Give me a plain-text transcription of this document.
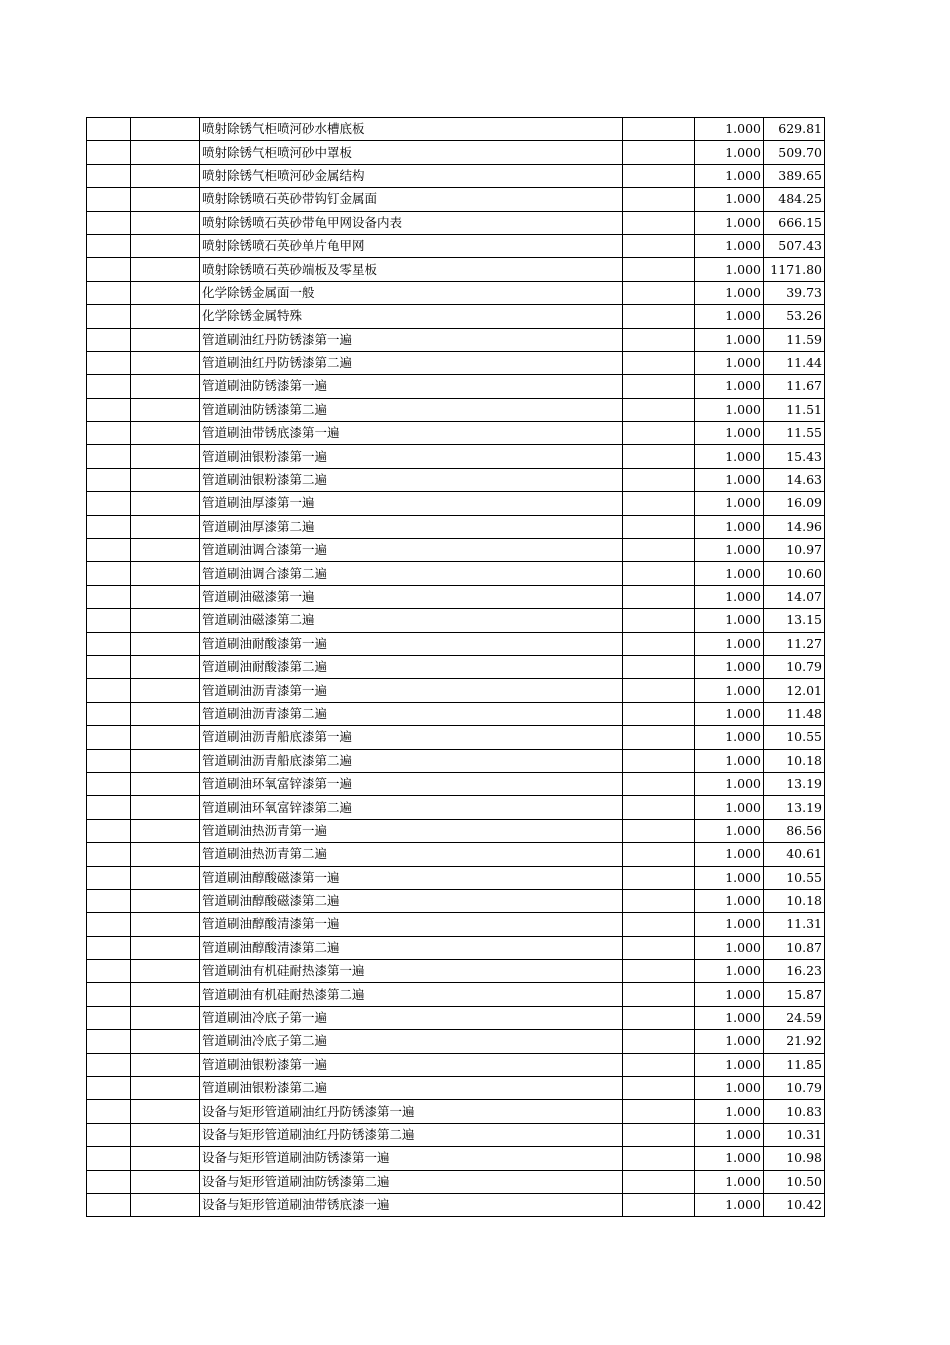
		喷射除锈气柜喷河砂水槽底板		1.000	629.81
		喷射除锈气柜喷河砂中罩板		1.000	509.70
		喷射除锈气柜喷河砂金属结构		1.000	389.65
		喷射除锈喷石英砂带钩钉金属面		1.000	484.25
		喷射除锈喷石英砂带龟甲网设备内表		1.000	666.15
		喷射除锈喷石英砂单片龟甲网		1.000	507.43
		喷射除锈喷石英砂端板及零星板		1.000	1171.80
		化学除锈金属面一般		1.000	39.73
		化学除锈金属特殊		1.000	53.26
		管道刷油红丹防锈漆第一遍		1.000	11.59
		管道刷油红丹防锈漆第二遍		1.000	11.44
		管道刷油防锈漆第一遍		1.000	11.67
		管道刷油防锈漆第二遍		1.000	11.51
		管道刷油带锈底漆第一遍		1.000	11.55
		管道刷油银粉漆第一遍		1.000	15.43
		管道刷油银粉漆第二遍		1.000	14.63
		管道刷油厚漆第一遍		1.000	16.09
		管道刷油厚漆第二遍		1.000	14.96
		管道刷油调合漆第一遍		1.000	10.97
		管道刷油调合漆第二遍		1.000	10.60
		管道刷油磁漆第一遍		1.000	14.07
		管道刷油磁漆第二遍		1.000	13.15
		管道刷油耐酸漆第一遍		1.000	11.27
		管道刷油耐酸漆第二遍		1.000	10.79
		管道刷油沥青漆第一遍		1.000	12.01
		管道刷油沥青漆第二遍		1.000	11.48
		管道刷油沥青船底漆第一遍		1.000	10.55
		管道刷油沥青船底漆第二遍		1.000	10.18
		管道刷油环氧富锌漆第一遍		1.000	13.19
		管道刷油环氧富锌漆第二遍		1.000	13.19
		管道刷油热沥青第一遍		1.000	86.56
		管道刷油热沥青第二遍		1.000	40.61
		管道刷油醇酸磁漆第一遍		1.000	10.55
		管道刷油醇酸磁漆第二遍		1.000	10.18
		管道刷油醇酸清漆第一遍		1.000	11.31
		管道刷油醇酸清漆第二遍		1.000	10.87
		管道刷油有机硅耐热漆第一遍		1.000	16.23
		管道刷油有机硅耐热漆第二遍		1.000	15.87
		管道刷油冷底子第一遍		1.000	24.59
		管道刷油冷底子第二遍		1.000	21.92
		管道刷油银粉漆第一遍		1.000	11.85
		管道刷油银粉漆第二遍		1.000	10.79
		设备与矩形管道刷油红丹防锈漆第一遍		1.000	10.83
		设备与矩形管道刷油红丹防锈漆第二遍		1.000	10.31
		设备与矩形管道刷油防锈漆第一遍		1.000	10.98
		设备与矩形管道刷油防锈漆第二遍		1.000	10.50
		设备与矩形管道刷油带锈底漆一遍		1.000	10.42
